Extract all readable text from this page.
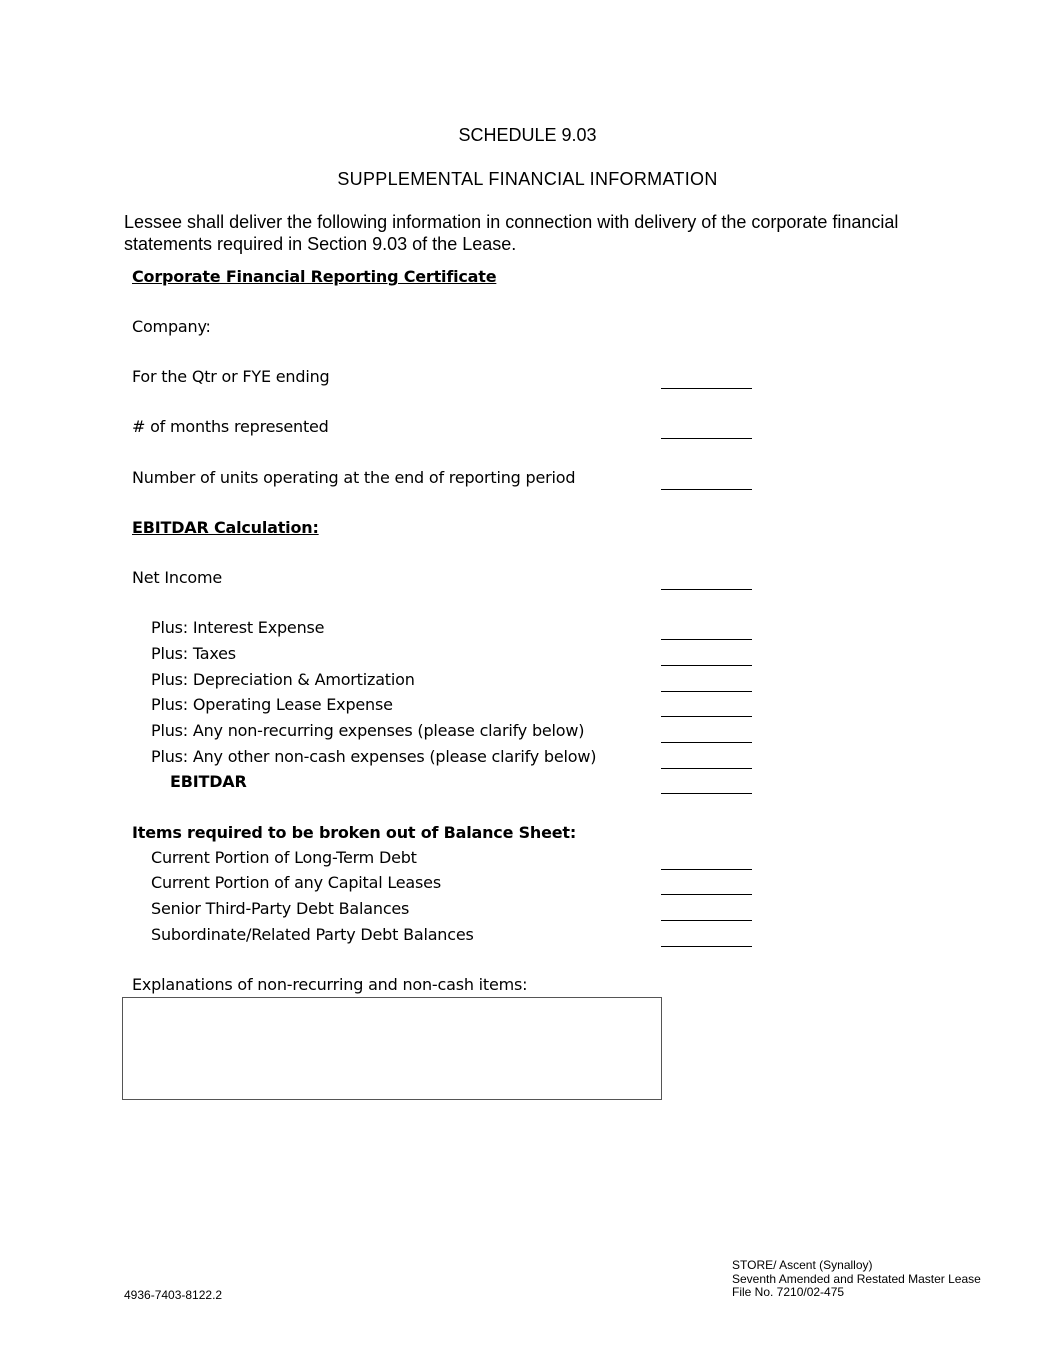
SCHEDULE 9.03
SUPPLEMENTAL FINANCIAL INFORMATION
Lessee shall deliver the following information in connection with delivery of the corporate financial statements required in Section 9.03 of the Lease.
Corporate Financial Reporting Certificate
Company:
For the Qtr or FYE ending
# of months represented
Number of units operating at the end of reporting period
EBITDAR Calculation:
Net Income
Plus: Interest Expense
Plus: Taxes
Plus: Depreciation & Amortization
Plus: Operating Lease Expense
Plus: Any non-recurring expenses (please clarify below)
Plus: Any other non-cash expenses (please clarify below)
EBITDAR
Items required to be broken out of Balance Sheet:
Current Portion of Long-Term Debt
Current Portion of any Capital Leases
Senior Third-Party Debt Balances
Subordinate/Related Party Debt Balances
Explanations of non-recurring and non-cash items:
4936-7403-8122.2
STORE/ Ascent (Synalloy)
Seventh Amended and Restated Master Lease
File No. 7210/02-475
